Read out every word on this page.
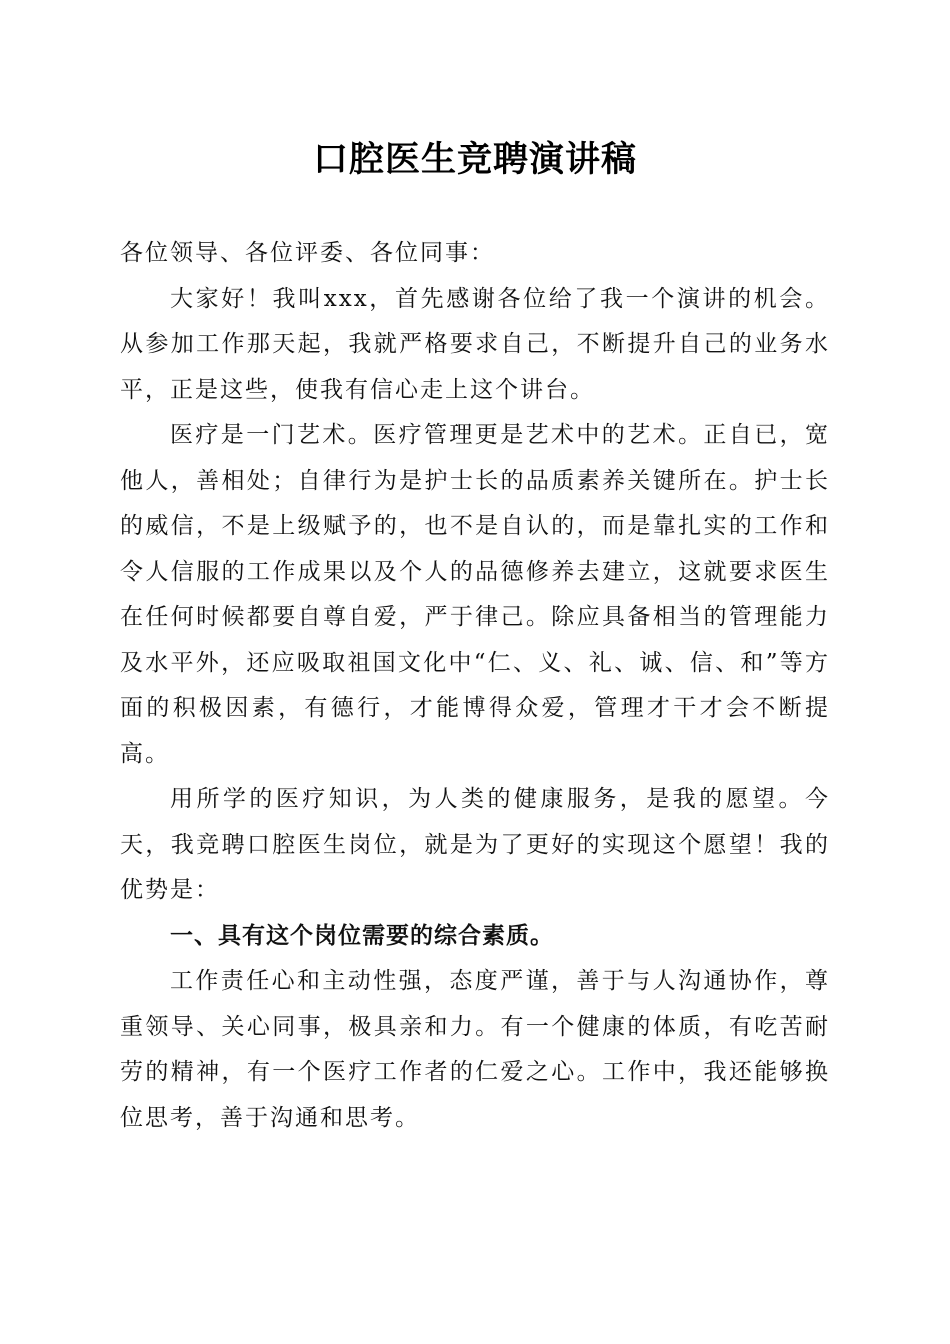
口腔医生竞聘演讲稿

各位领导、各位评委、各位同事：

大家好！我叫xxx，首先感谢各位给了我一个演讲的机会。从参加工作那天起，我就严格要求自己，不断提升自己的业务水平，正是这些，使我有信心走上这个讲台。

医疗是一门艺术。医疗管理更是艺术中的艺术。正自已，宽他人，善相处；自律行为是护士长的品质素养关键所在。护士长的威信，不是上级赋予的，也不是自认的，而是靠扎实的工作和令人信服的工作成果以及个人的品德修养去建立，这就要求医生在任何时候都要自尊自爱，严于律己。除应具备相当的管理能力及水平外，还应吸取祖国文化中“仁、义、礼、诚、信、和”等方面的积极因素，有德行，才能博得众爱，管理才干才会不断提高。

用所学的医疗知识，为人类的健康服务，是我的愿望。今天，我竞聘口腔医生岗位，就是为了更好的实现这个愿望！我的优势是：

一、具有这个岗位需要的综合素质。

工作责任心和主动性强，态度严谨，善于与人沟通协作，尊重领导、关心同事，极具亲和力。有一个健康的体质，有吃苦耐劳的精神，有一个医疗工作者的仁爱之心。工作中，我还能够换位思考，善于沟通和思考。
